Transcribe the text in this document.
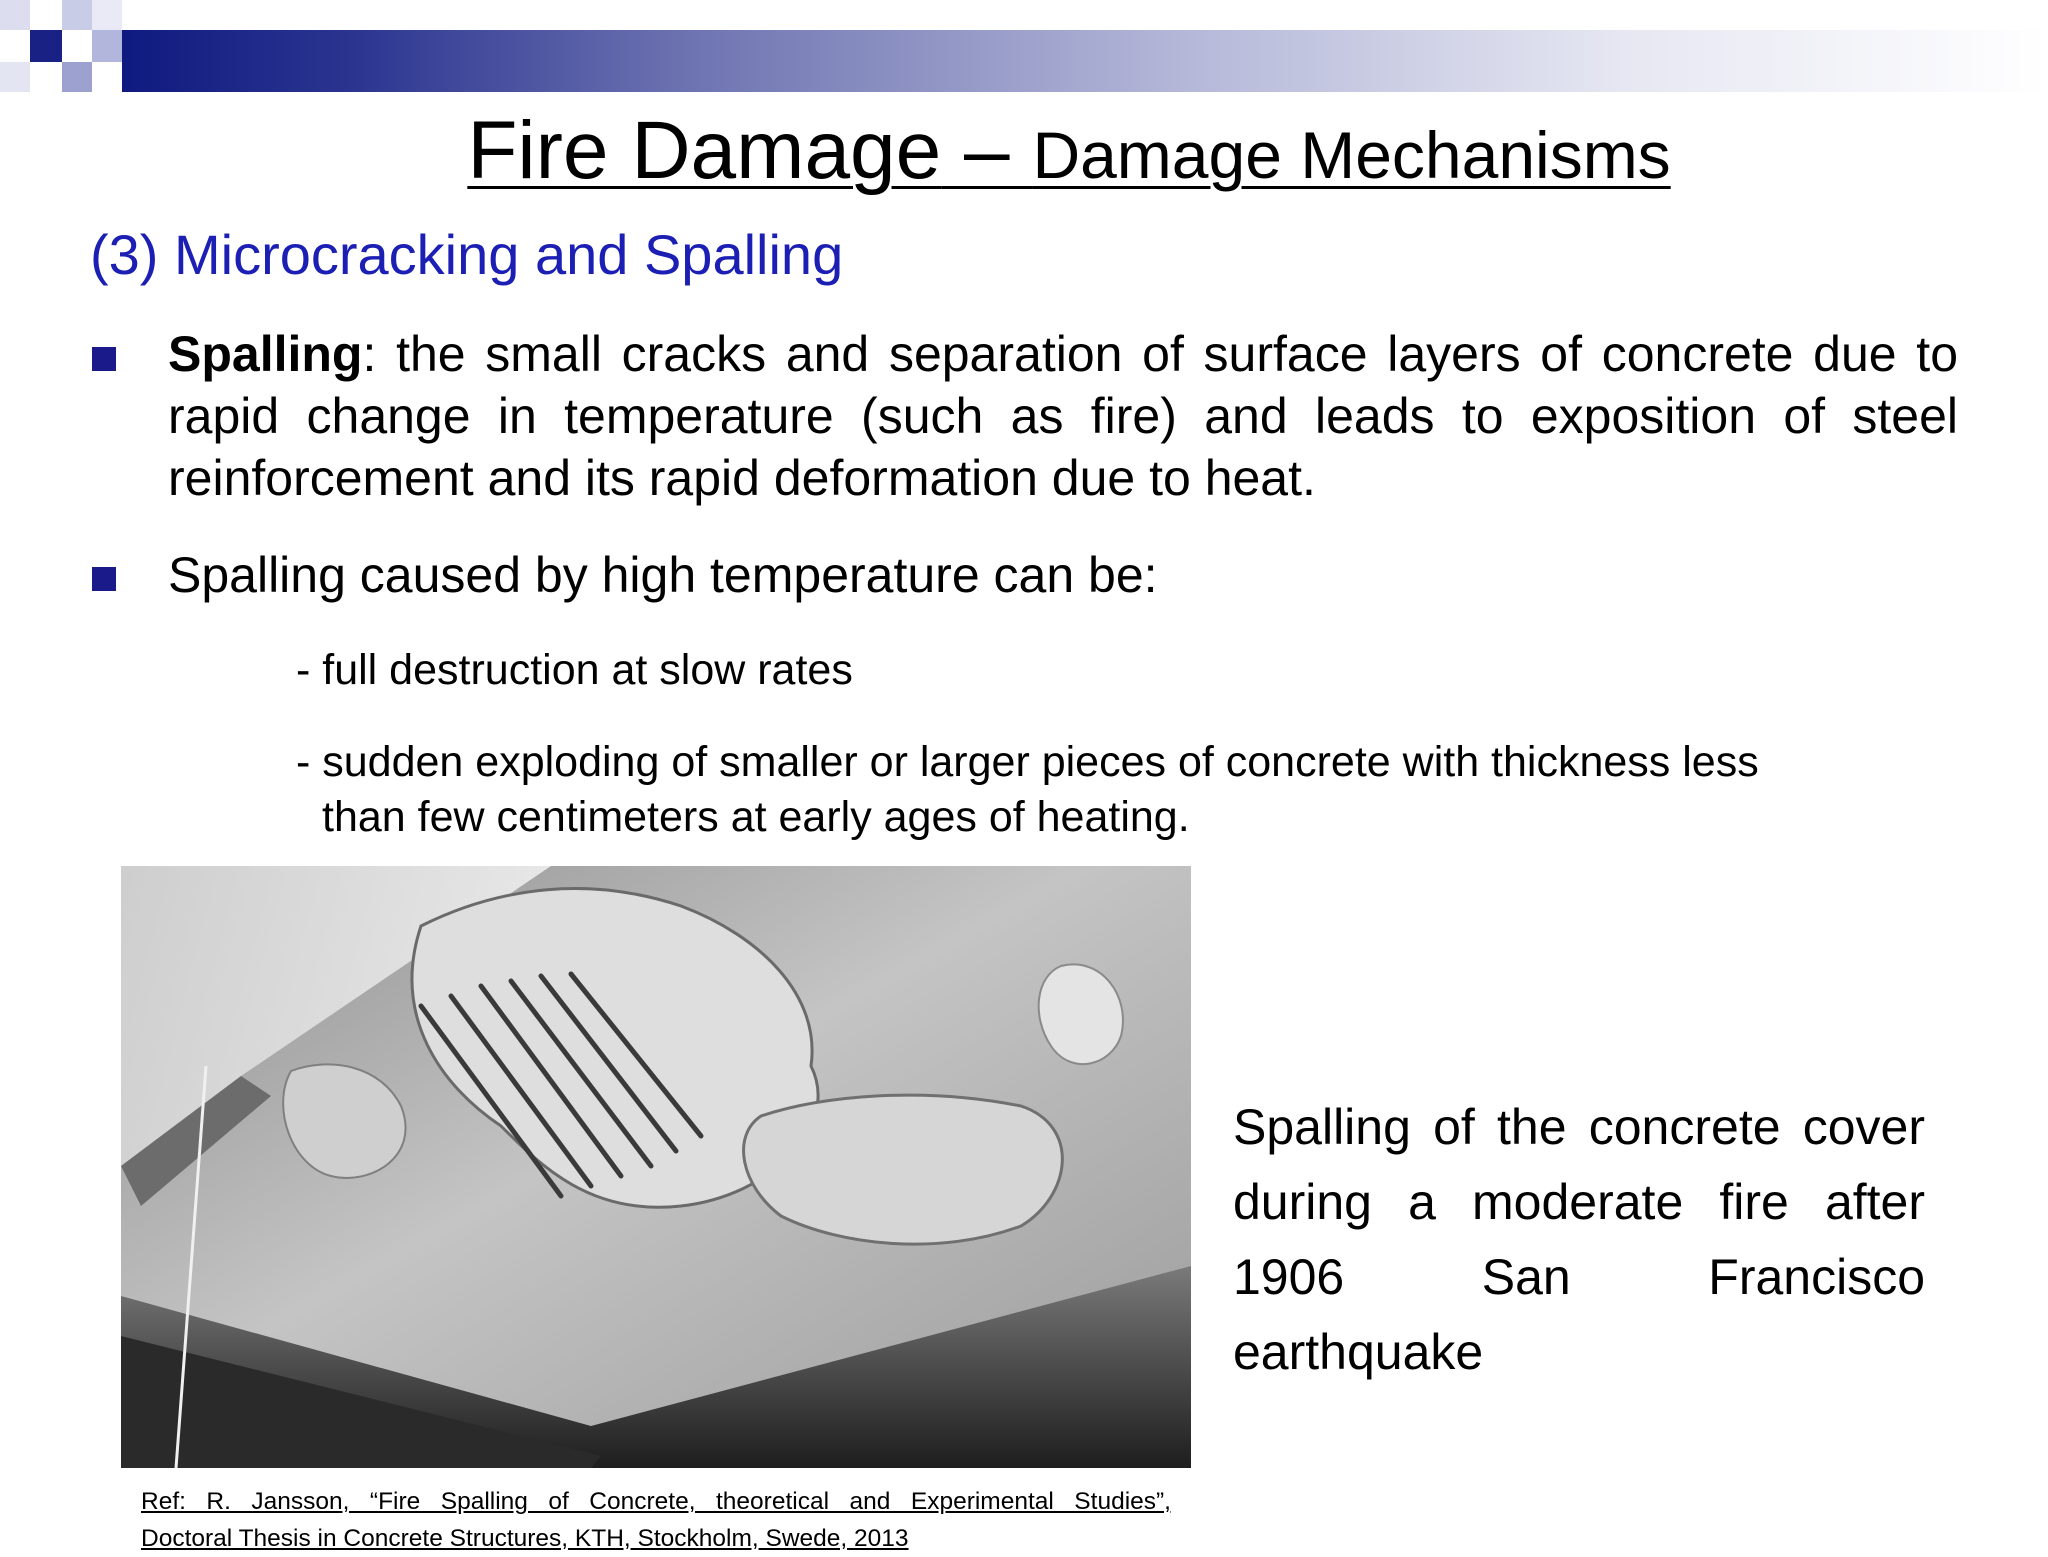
Fire Damage – Damage Mechanisms
(3) Microcracking and Spalling
Spalling: the small cracks and separation of surface layers of concrete due to rapid change in temperature (such as fire) and leads to exposition of steel reinforcement and its rapid deformation due to heat.
Spalling caused by high temperature can be:
- full destruction at slow rates
- sudden exploding of smaller or larger pieces of concrete with thickness less
than few centimeters at early ages of heating.
Spalling of the concrete cover during a moderate fire after 1906 San Francisco earthquake
Ref: R. Jansson, “Fire Spalling of Concrete, theoretical and Experimental Studies”,
Doctoral Thesis in Concrete Structures, KTH, Stockholm, Swede, 2013
